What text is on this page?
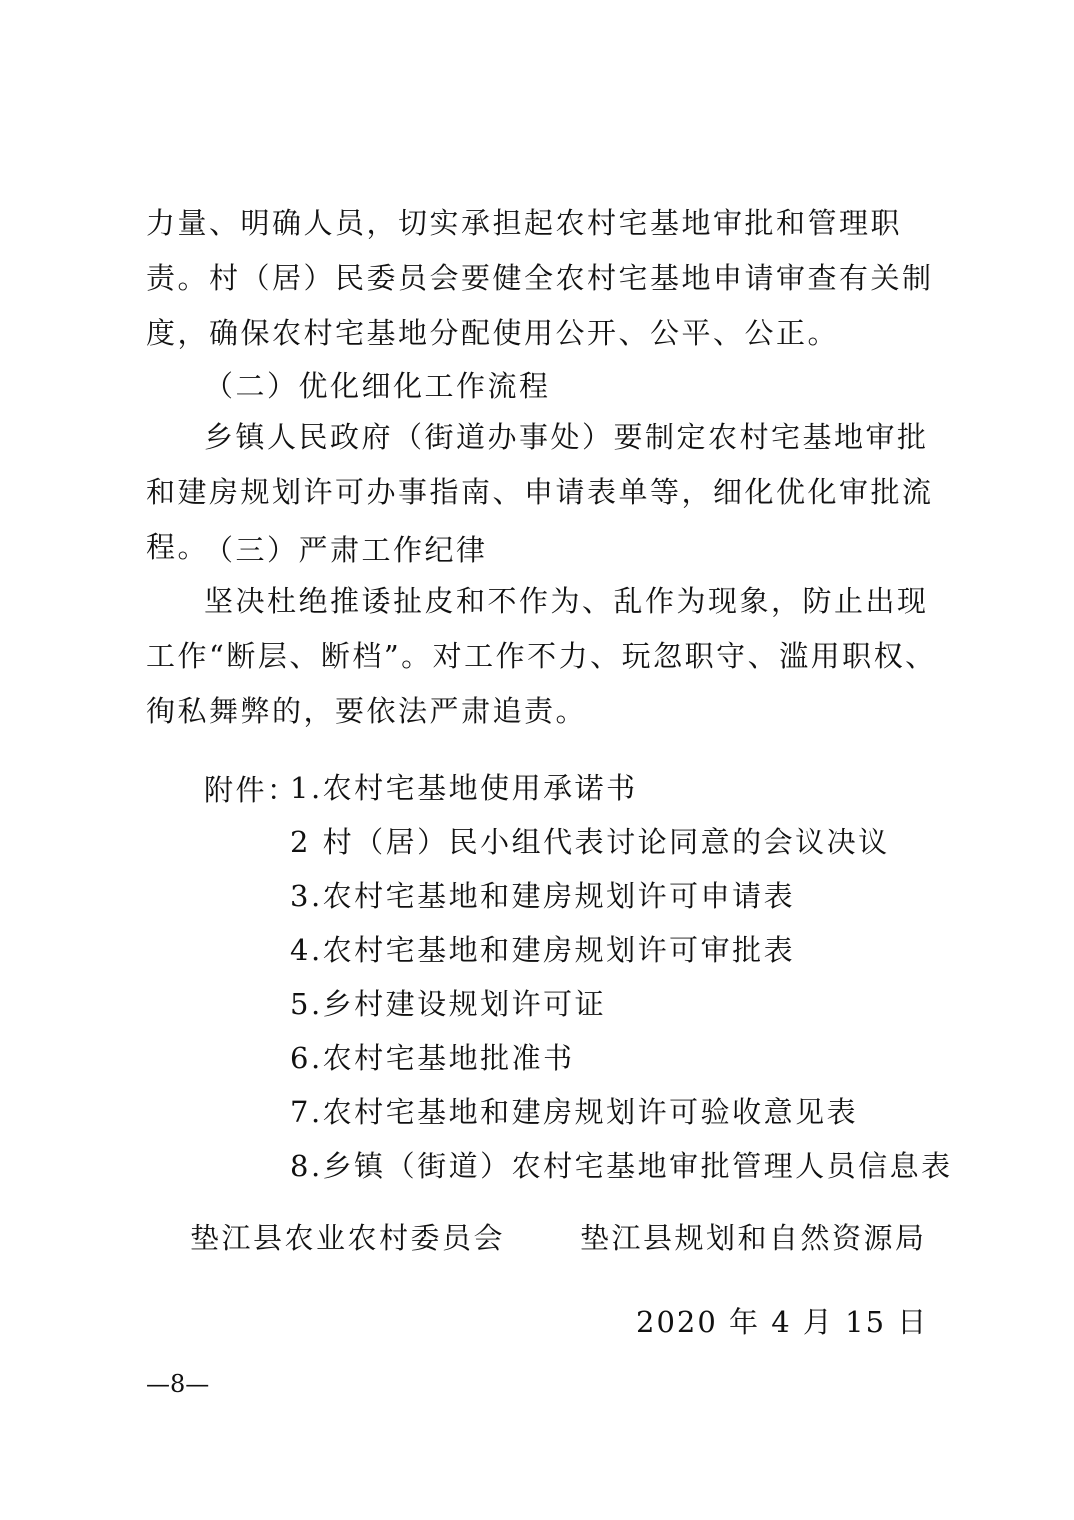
力量、明确人员，切实承担起农村宅基地审批和管理职责。村（居）民委员会要健全农村宅基地申请审查有关制度，确保农村宅基地分配使用公开、公平、公正。
（二）优化细化工作流程
乡镇人民政府（街道办事处）要制定农村宅基地审批和建房规划许可办事指南、申请表单等，细化优化审批流程。
（三）严肃工作纪律
坚决杜绝推诿扯皮和不作为、乱作为现象，防止出现工作“断层、断档”。对工作不力、玩忽职守、滥用职权、徇私舞弊的，要依法严肃追责。
附件：
1.农村宅基地使用承诺书
2 村（居）民小组代表讨论同意的会议决议
3.农村宅基地和建房规划许可申请表
4.农村宅基地和建房规划许可审批表
5.乡村建设规划许可证
6.农村宅基地批准书
7.农村宅基地和建房规划许可验收意见表
8.乡镇（街道）农村宅基地审批管理人员信息表
垫江县农业农村委员会	垫江县规划和自然资源局
2020 年 4 月 15 日
—8—
